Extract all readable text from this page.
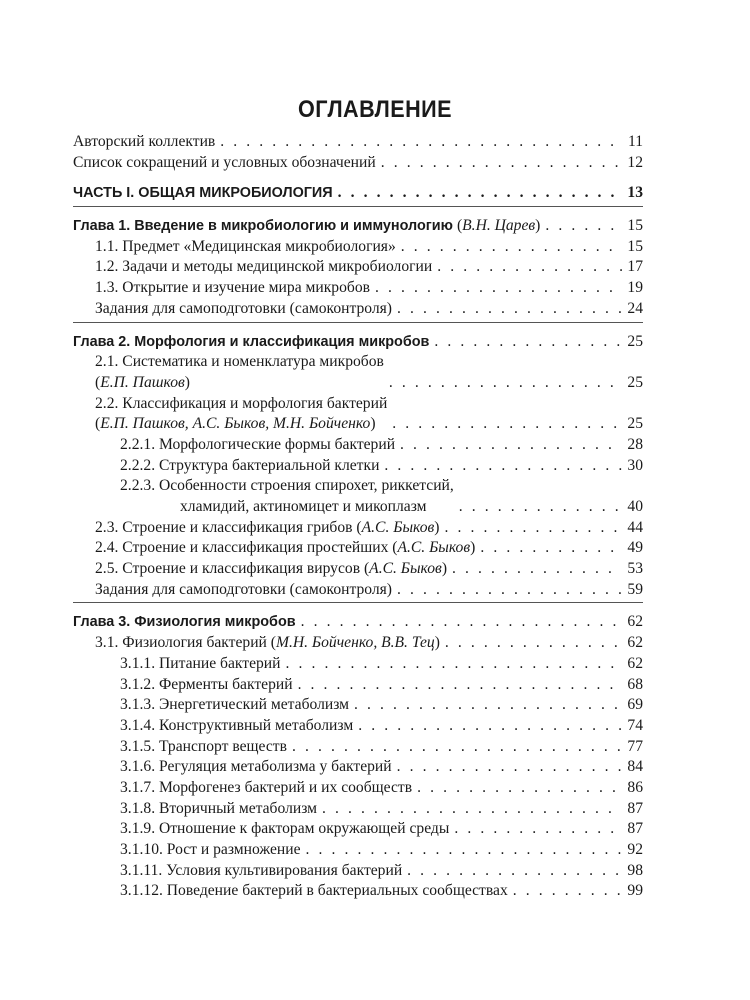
ОГЛАВЛЕНИЕ
Авторский коллектив . . .	11
Список сокращений и условных обозначений . . .	12
ЧАСТЬ I. ОБЩАЯ МИКРОБИОЛОГИЯ . . .	13
Глава 1. Введение в микробиологию и иммунологию (В.Н. Царев) . . .	15
1.1. Предмет «Медицинская микробиология» . . .	15
1.2. Задачи и методы медицинской микробиологии . . .	17
1.3. Открытие и изучение мира микробов . . .	19
Задания для самоподготовки (самоконтроля) . . .	24
Глава 2. Морфология и классификация микробов . . .	25
2.1. Систематика и номенклатура микробов
(Е.П. Пашков) . . .	25
2.2. Классификация и морфология бактерий
(Е.П. Пашков, А.С. Быков, М.Н. Бойченко) . . .	25
2.2.1. Морфологические формы бактерий . . .	28
2.2.2. Структура бактериальной клетки . . .	30
2.2.3. Особенности строения спирохет, риккетсий,
хламидий, актиномицет и микоплазм . . .	40
2.3. Строение и классификация грибов (А.С. Быков) . . .	44
2.4. Строение и классификация простейших (А.С. Быков) . . .	49
2.5. Строение и классификация вирусов (А.С. Быков) . . .	53
Задания для самоподготовки (самоконтроля) . . .	59
Глава 3. Физиология микробов . . .	62
3.1. Физиология бактерий (М.Н. Бойченко, В.В. Тец) . . .	62
3.1.1. Питание бактерий . . .	62
3.1.2. Ферменты бактерий . . .	68
3.1.3. Энергетический метаболизм . . .	69
3.1.4. Конструктивный метаболизм . . .	74
3.1.5. Транспорт веществ . . .	77
3.1.6. Регуляция метаболизма у бактерий . . .	84
3.1.7. Морфогенез бактерий и их сообществ . . .	86
3.1.8. Вторичный метаболизм . . .	87
3.1.9. Отношение к факторам окружающей среды . . .	87
3.1.10. Рост и размножение . . .	92
3.1.11. Условия культивирования бактерий . . .	98
3.1.12. Поведение бактерий в бактериальных сообществах . . .	99
